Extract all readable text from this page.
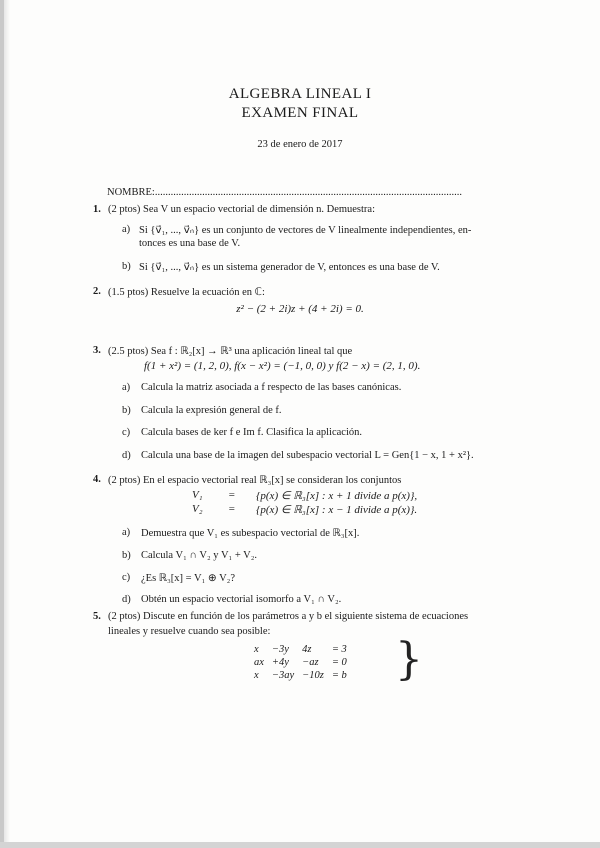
ALGEBRA LINEAL I
EXAMEN FINAL
23 de enero de 2017
NOMBRE:.....................................................................................................................
1. (2 ptos) Sea V un espacio vectorial de dimensión n. Demuestra:
a) Si {v⃗₁, ..., v⃗ₙ} es un conjunto de vectores de V linealmente independientes, en-
tonces es una base de V.
b) Si {v⃗₁, ..., v⃗ₙ} es un sistema generador de V, entonces es una base de V.
2. (1.5 ptos) Resuelve la ecuación en ℂ:
z² − (2 + 2i)z + (4 + 2i) = 0.
3. (2.5 ptos) Sea f : ℝ₂[x] → ℝ³ una aplicación lineal tal que
f(1 + x²) = (1, 2, 0), f(x − x²) = (−1, 0, 0) y f(2 − x) = (2, 1, 0).
a) Calcula la matriz asociada a f respecto de las bases canónicas.
b) Calcula la expresión general de f.
c) Calcula bases de ker f e Im f. Clasifica la aplicación.
d) Calcula una base de la imagen del subespacio vectorial L = Gen{1 − x, 1 + x²}.
4. (2 ptos) En el espacio vectorial real ℝ₃[x] se consideran los conjuntos
V₁ = {p(x) ∈ ℝ₃[x] : x + 1 divide a p(x)},
V₂ = {p(x) ∈ ℝ₃[x] : x − 1 divide a p(x)}.
a) Demuestra que V₁ es subespacio vectorial de ℝ₃[x].
b) Calcula V₁ ∩ V₂ y V₁ + V₂.
c) ¿Es ℝ₃[x] = V₁ ⊕ V₂?
d) Obtén un espacio vectorial isomorfo a V₁ ∩ V₂.
5. (2 ptos) Discute en función de los parámetros a y b el siguiente sistema de ecuaciones
lineales y resuelve cuando sea posible:
x	−3y	4z	= 3
ax	+4y	−az	= 0
x	−3ay	−10z	= b }
